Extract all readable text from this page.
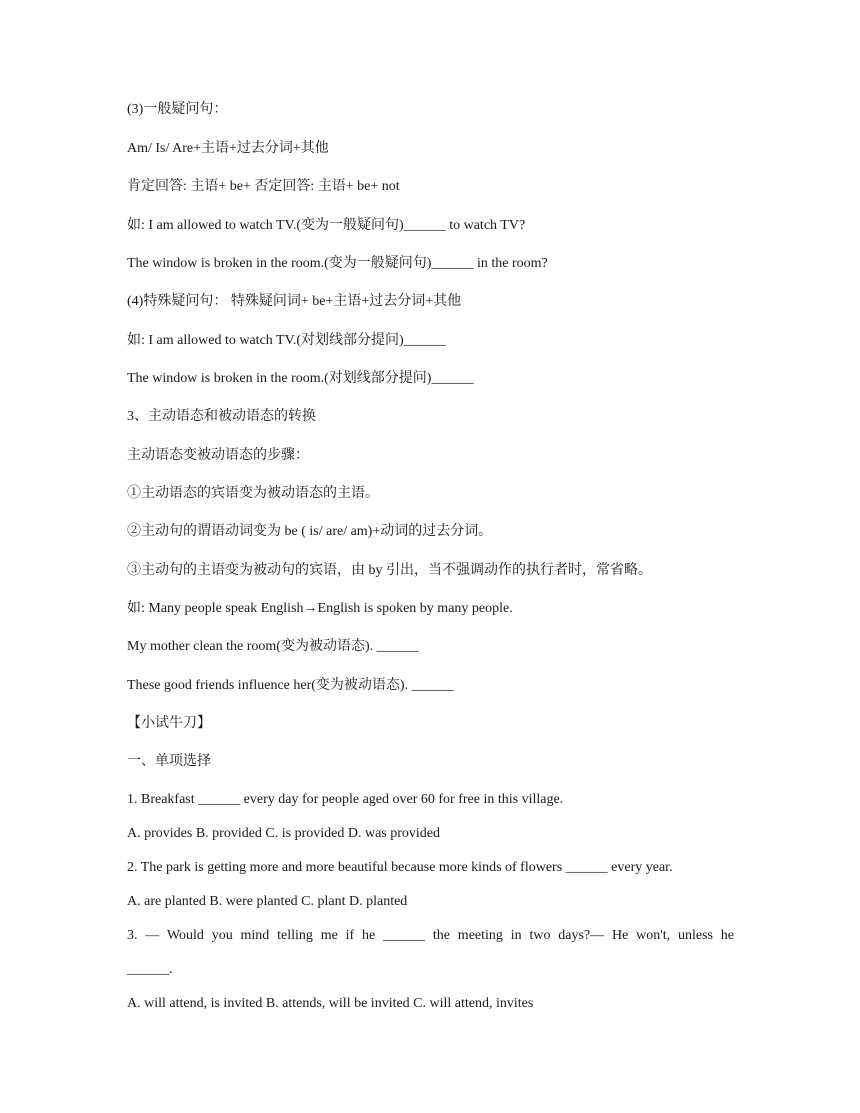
(3)一般疑问句：
Am/ Is/ Are+主语+过去分词+其他
肯定回答: 主语+ be+ 否定回答: 主语+ be+ not
如: I am allowed to watch TV.(变为一般疑问句)______ to watch TV?
The window is broken in the room.(变为一般疑问句)______ in the room?
(4)特殊疑问句： 特殊疑问词+ be+主语+过去分词+其他
如: I am allowed to watch TV.(对划线部分提问)______
The window is broken in the room.(对划线部分提问)______
3、主动语态和被动语态的转换
主动语态变被动语态的步骤：
①主动语态的宾语变为被动语态的主语。
②主动句的谓语动词变为 be ( is/ are/ am)+动词的过去分词。
③主动句的主语变为被动句的宾语，由 by 引出，当不强调动作的执行者时，常省略。
如: Many people speak English→English is spoken by many people.
My mother clean the room(变为被动语态). ______
These good friends influence her(变为被动语态). ______
【小试牛刀】
一、单项选择
1. Breakfast ______ every day for people aged over 60 for free in this village.
A. provides B. provided C. is provided D. was provided
2. The park is getting more and more beautiful because more kinds of flowers ______ every year.
A. are planted B. were planted C. plant D. planted
3. — Would you mind telling me if he ______ the meeting in two days?— He won't, unless he
______.
A. will attend, is invited B. attends, will be invited C. will attend, invites
